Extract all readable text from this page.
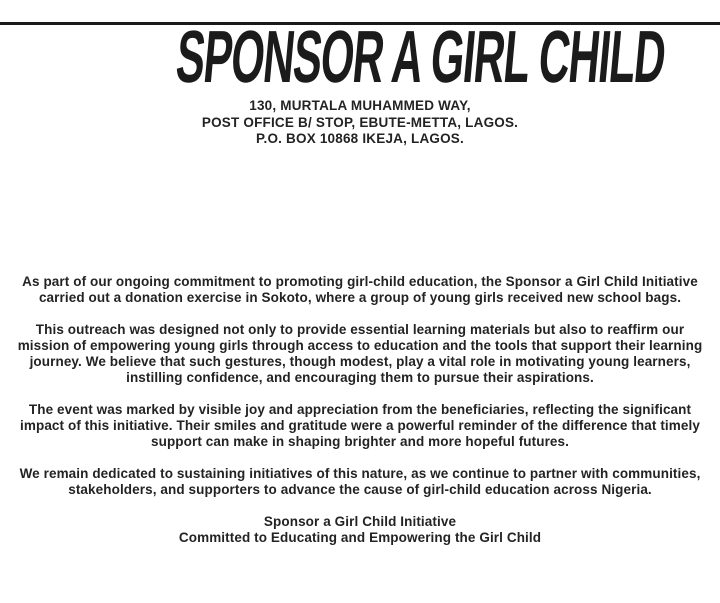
SPONSOR A GIRL CHILD
130, MURTALA MUHAMMED WAY,
POST OFFICE B/ STOP, EBUTE-METTA, LAGOS.
P.O. BOX 10868 IKEJA, LAGOS.

As part of our ongoing commitment to promoting girl-child education, the Sponsor a Girl Child Initiative carried out a donation exercise in Sokoto, where a group of young girls received new school bags.

This outreach was designed not only to provide essential learning materials but also to reaffirm our mission of empowering young girls through access to education and the tools that support their learning journey. We believe that such gestures, though modest, play a vital role in motivating young learners, instilling confidence, and encouraging them to pursue their aspirations.

The event was marked by visible joy and appreciation from the beneficiaries, reflecting the significant impact of this initiative. Their smiles and gratitude were a powerful reminder of the difference that timely support can make in shaping brighter and more hopeful futures.

We remain dedicated to sustaining initiatives of this nature, as we continue to partner with communities, stakeholders, and supporters to advance the cause of girl-child education across Nigeria.

Sponsor a Girl Child Initiative
Committed to Educating and Empowering the Girl Child
